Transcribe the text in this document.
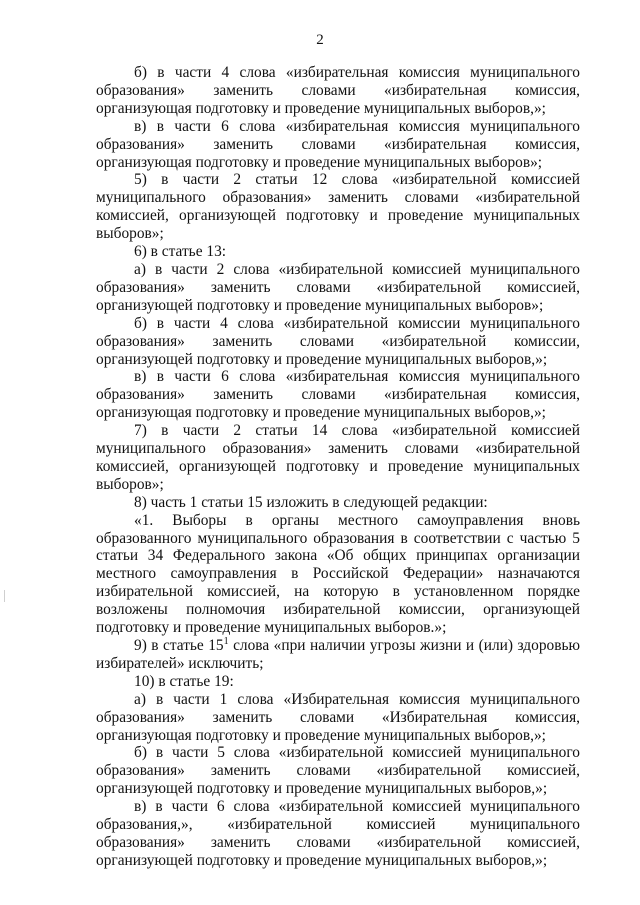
2

б) в части 4 слова «избирательная комиссия муниципального образования» заменить словами «избирательная комиссия, организующая подготовку и проведение муниципальных выборов,»;

в) в части 6 слова «избирательная комиссия муниципального образования» заменить словами «избирательная комиссия, организующая подготовку и проведение муниципальных выборов»;

5) в части 2 статьи 12 слова «избирательной комиссией муниципального образования» заменить словами «избирательной комиссией, организующей подготовку и проведение муниципальных выборов»;

6) в статье 13:

а) в части 2 слова «избирательной комиссией муниципального образования» заменить словами «избирательной комиссией, организующей подготовку и проведение муниципальных выборов»;

б) в части 4 слова «избирательной комиссии муниципального образования» заменить словами «избирательной комиссии, организующей подготовку и проведение муниципальных выборов,»;

в) в части 6 слова «избирательная комиссия муниципального образования» заменить словами «избирательная комиссия, организующая подготовку и проведение муниципальных выборов,»;

7) в части 2 статьи 14 слова «избирательной комиссией муниципального образования» заменить словами «избирательной комиссией, организующей подготовку и проведение муниципальных выборов»;

8) часть 1 статьи 15 изложить в следующей редакции:

«1. Выборы в органы местного самоуправления вновь образованного муниципального образования в соответствии с частью 5 статьи 34 Федерального закона «Об общих принципах организации местного самоуправления в Российской Федерации» назначаются избирательной комиссией, на которую в установленном порядке возложены полномочия избирательной комиссии, организующей подготовку и проведение муниципальных выборов.»;

9) в статье $15^1$ слова «при наличии угрозы жизни и (или) здоровью избирателей» исключить;

10) в статье 19:

а) в части 1 слова «Избирательная комиссия муниципального образования» заменить словами «Избирательная комиссия, организующая подготовку и проведение муниципальных выборов,»;

б) в части 5 слова «избирательной комиссией муниципального образования» заменить словами «избирательной комиссией, организующей подготовку и проведение муниципальных выборов,»;

в) в части 6 слова «избирательной комиссией муниципального образования,», «избирательной комиссией муниципального образования» заменить словами «избирательной комиссией, организующей подготовку и проведение муниципальных выборов,»;
